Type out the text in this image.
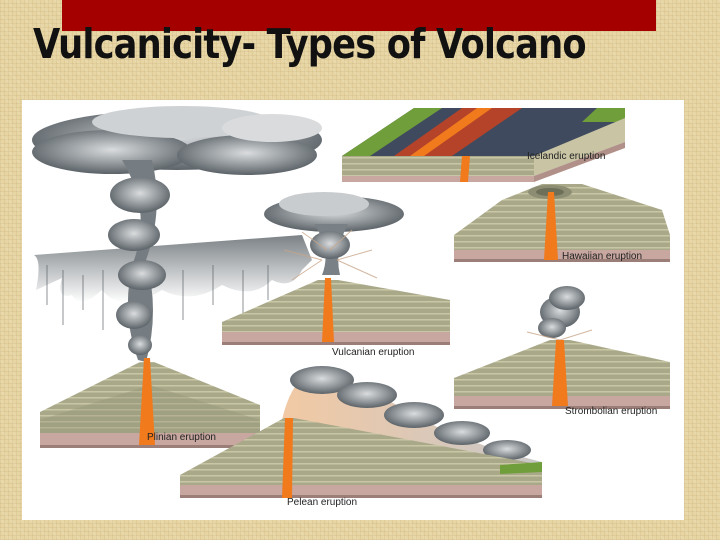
Vulcanicity- Types of Volcano
Plinian eruption
Icelandic eruption
Hawaiian eruption
Vulcanian eruption
Strombolian eruption
Pelean eruption
